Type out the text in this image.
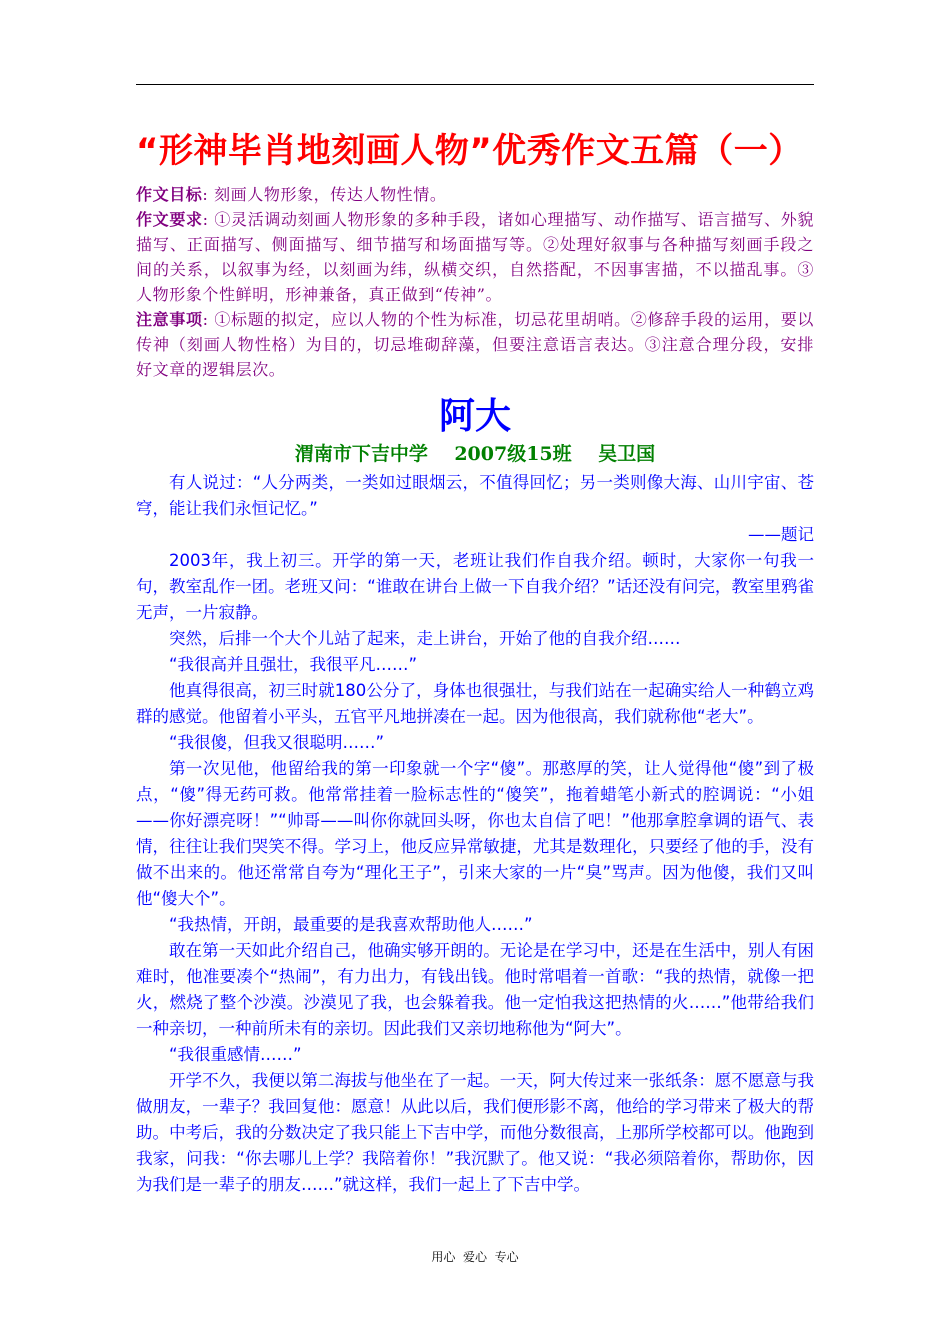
“形神毕肖地刻画人物”优秀作文五篇（一）

作文目标: 刻画人物形象，传达人物性情。

作文要求: ①灵活调动刻画人物形象的多种手段，诸如心理描写、动作描写、语言描写、外貌描写、正面描写、侧面描写、细节描写和场面描写等。②处理好叙事与各种描写刻画手段之间的关系，以叙事为经，以刻画为纬，纵横交织，自然搭配，不因事害描，不以描乱事。③人物形象个性鲜明，形神兼备，真正做到“传神”。

注意事项: ①标题的拟定，应以人物的个性为标准，切忌花里胡哨。②修辞手段的运用，要以传神（刻画人物性格）为目的，切忌堆砌辞藻，但要注意语言表达。③注意合理分段，安排好文章的逻辑层次。

阿大
渭南市下吉中学    2007级15班    吴卫国

有人说过：“人分两类，一类如过眼烟云，不值得回忆；另一类则像大海、山川宇宙、苍穹，能让我们永恒记忆。”

——题记

2003年，我上初三。开学的第一天，老班让我们作自我介绍。顿时，大家你一句我一句，教室乱作一团。老班又问：“谁敢在讲台上做一下自我介绍？”话还没有问完，教室里鸦雀无声，一片寂静。

突然，后排一个大个儿站了起来，走上讲台，开始了他的自我介绍……

“我很高并且强壮，我很平凡……”

他真得很高，初三时就180公分了，身体也很强壮，与我们站在一起确实给人一种鹤立鸡群的感觉。他留着小平头，五官平凡地拼凑在一起。因为他很高，我们就称他“老大”。

“我很傻，但我又很聪明……”

第一次见他，他留给我的第一印象就一个字“傻”。那憨厚的笑，让人觉得他“傻”到了极点，“傻”得无药可救。他常常挂着一脸标志性的“傻笑”，拖着蜡笔小新式的腔调说：“小姐——你好漂亮呀！”“帅哥——叫你你就回头呀，你也太自信了吧！”他那拿腔拿调的语气、表情，往往让我们哭笑不得。学习上，他反应异常敏捷，尤其是数理化，只要经了他的手，没有做不出来的。他还常常自夸为“理化王子”，引来大家的一片“臭”骂声。因为他傻，我们又叫他“傻大个”。

“我热情，开朗，最重要的是我喜欢帮助他人……”

敢在第一天如此介绍自己，他确实够开朗的。无论是在学习中，还是在生活中，别人有困难时，他准要凑个“热闹”，有力出力，有钱出钱。他时常唱着一首歌：“我的热情，就像一把火，燃烧了整个沙漠。沙漠见了我，也会躲着我。他一定怕我这把热情的火……”他带给我们一种亲切，一种前所未有的亲切。因此我们又亲切地称他为“阿大”。

“我很重感情……”

开学不久，我便以第二海拔与他坐在了一起。一天，阿大传过来一张纸条：愿不愿意与我做朋友，一辈子？我回复他：愿意！从此以后，我们便形影不离，他给的学习带来了极大的帮助。中考后，我的分数决定了我只能上下吉中学，而他分数很高，上那所学校都可以。他跑到我家，问我：“你去哪儿上学？我陪着你！”我沉默了。他又说：“我必须陪着你，帮助你，因为我们是一辈子的朋友……”就这样，我们一起上了下吉中学。

用心  爱心  专心
